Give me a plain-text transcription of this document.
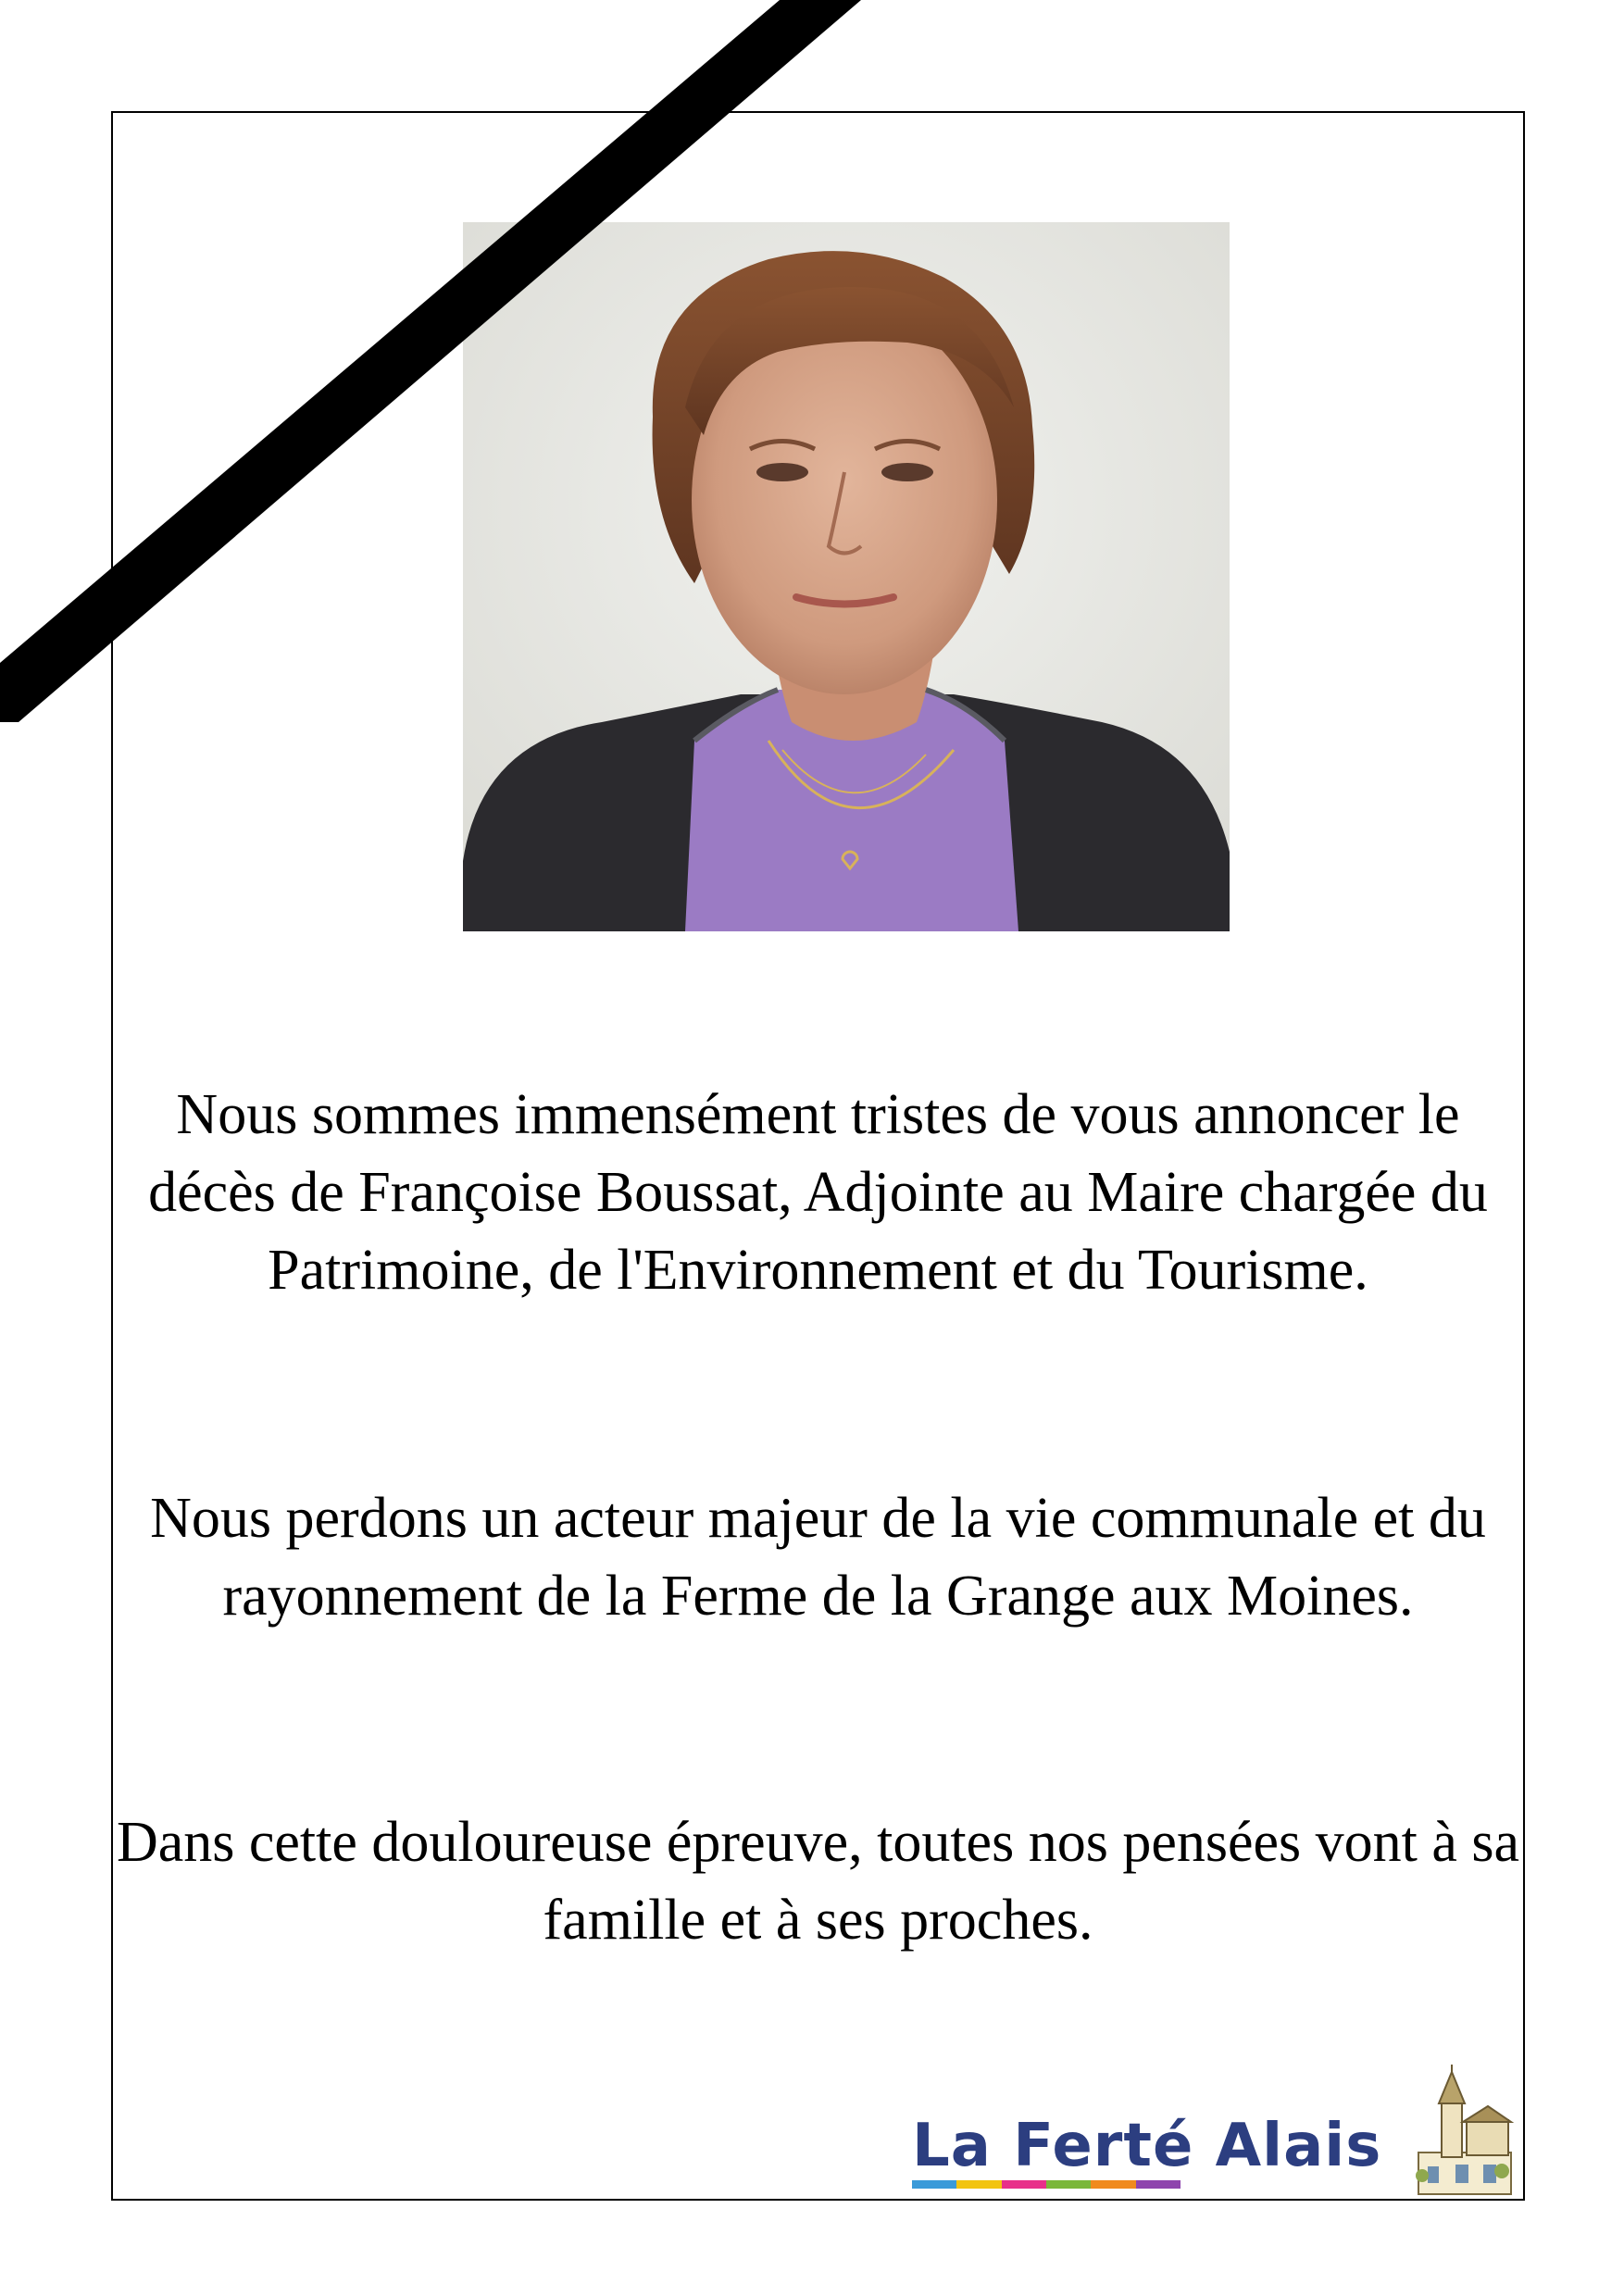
Nous sommes immensément tristes de vous annoncer le décès de Françoise Boussat, Adjointe au Maire chargée du Patrimoine, de l'Environnement et du Tourisme.

Nous perdons un acteur majeur de la vie communale et du rayonnement de la Ferme de la Grange aux Moines.

Dans cette douloureuse épreuve, toutes nos pensées vont à sa famille et à ses proches.

La Ferté Alais
